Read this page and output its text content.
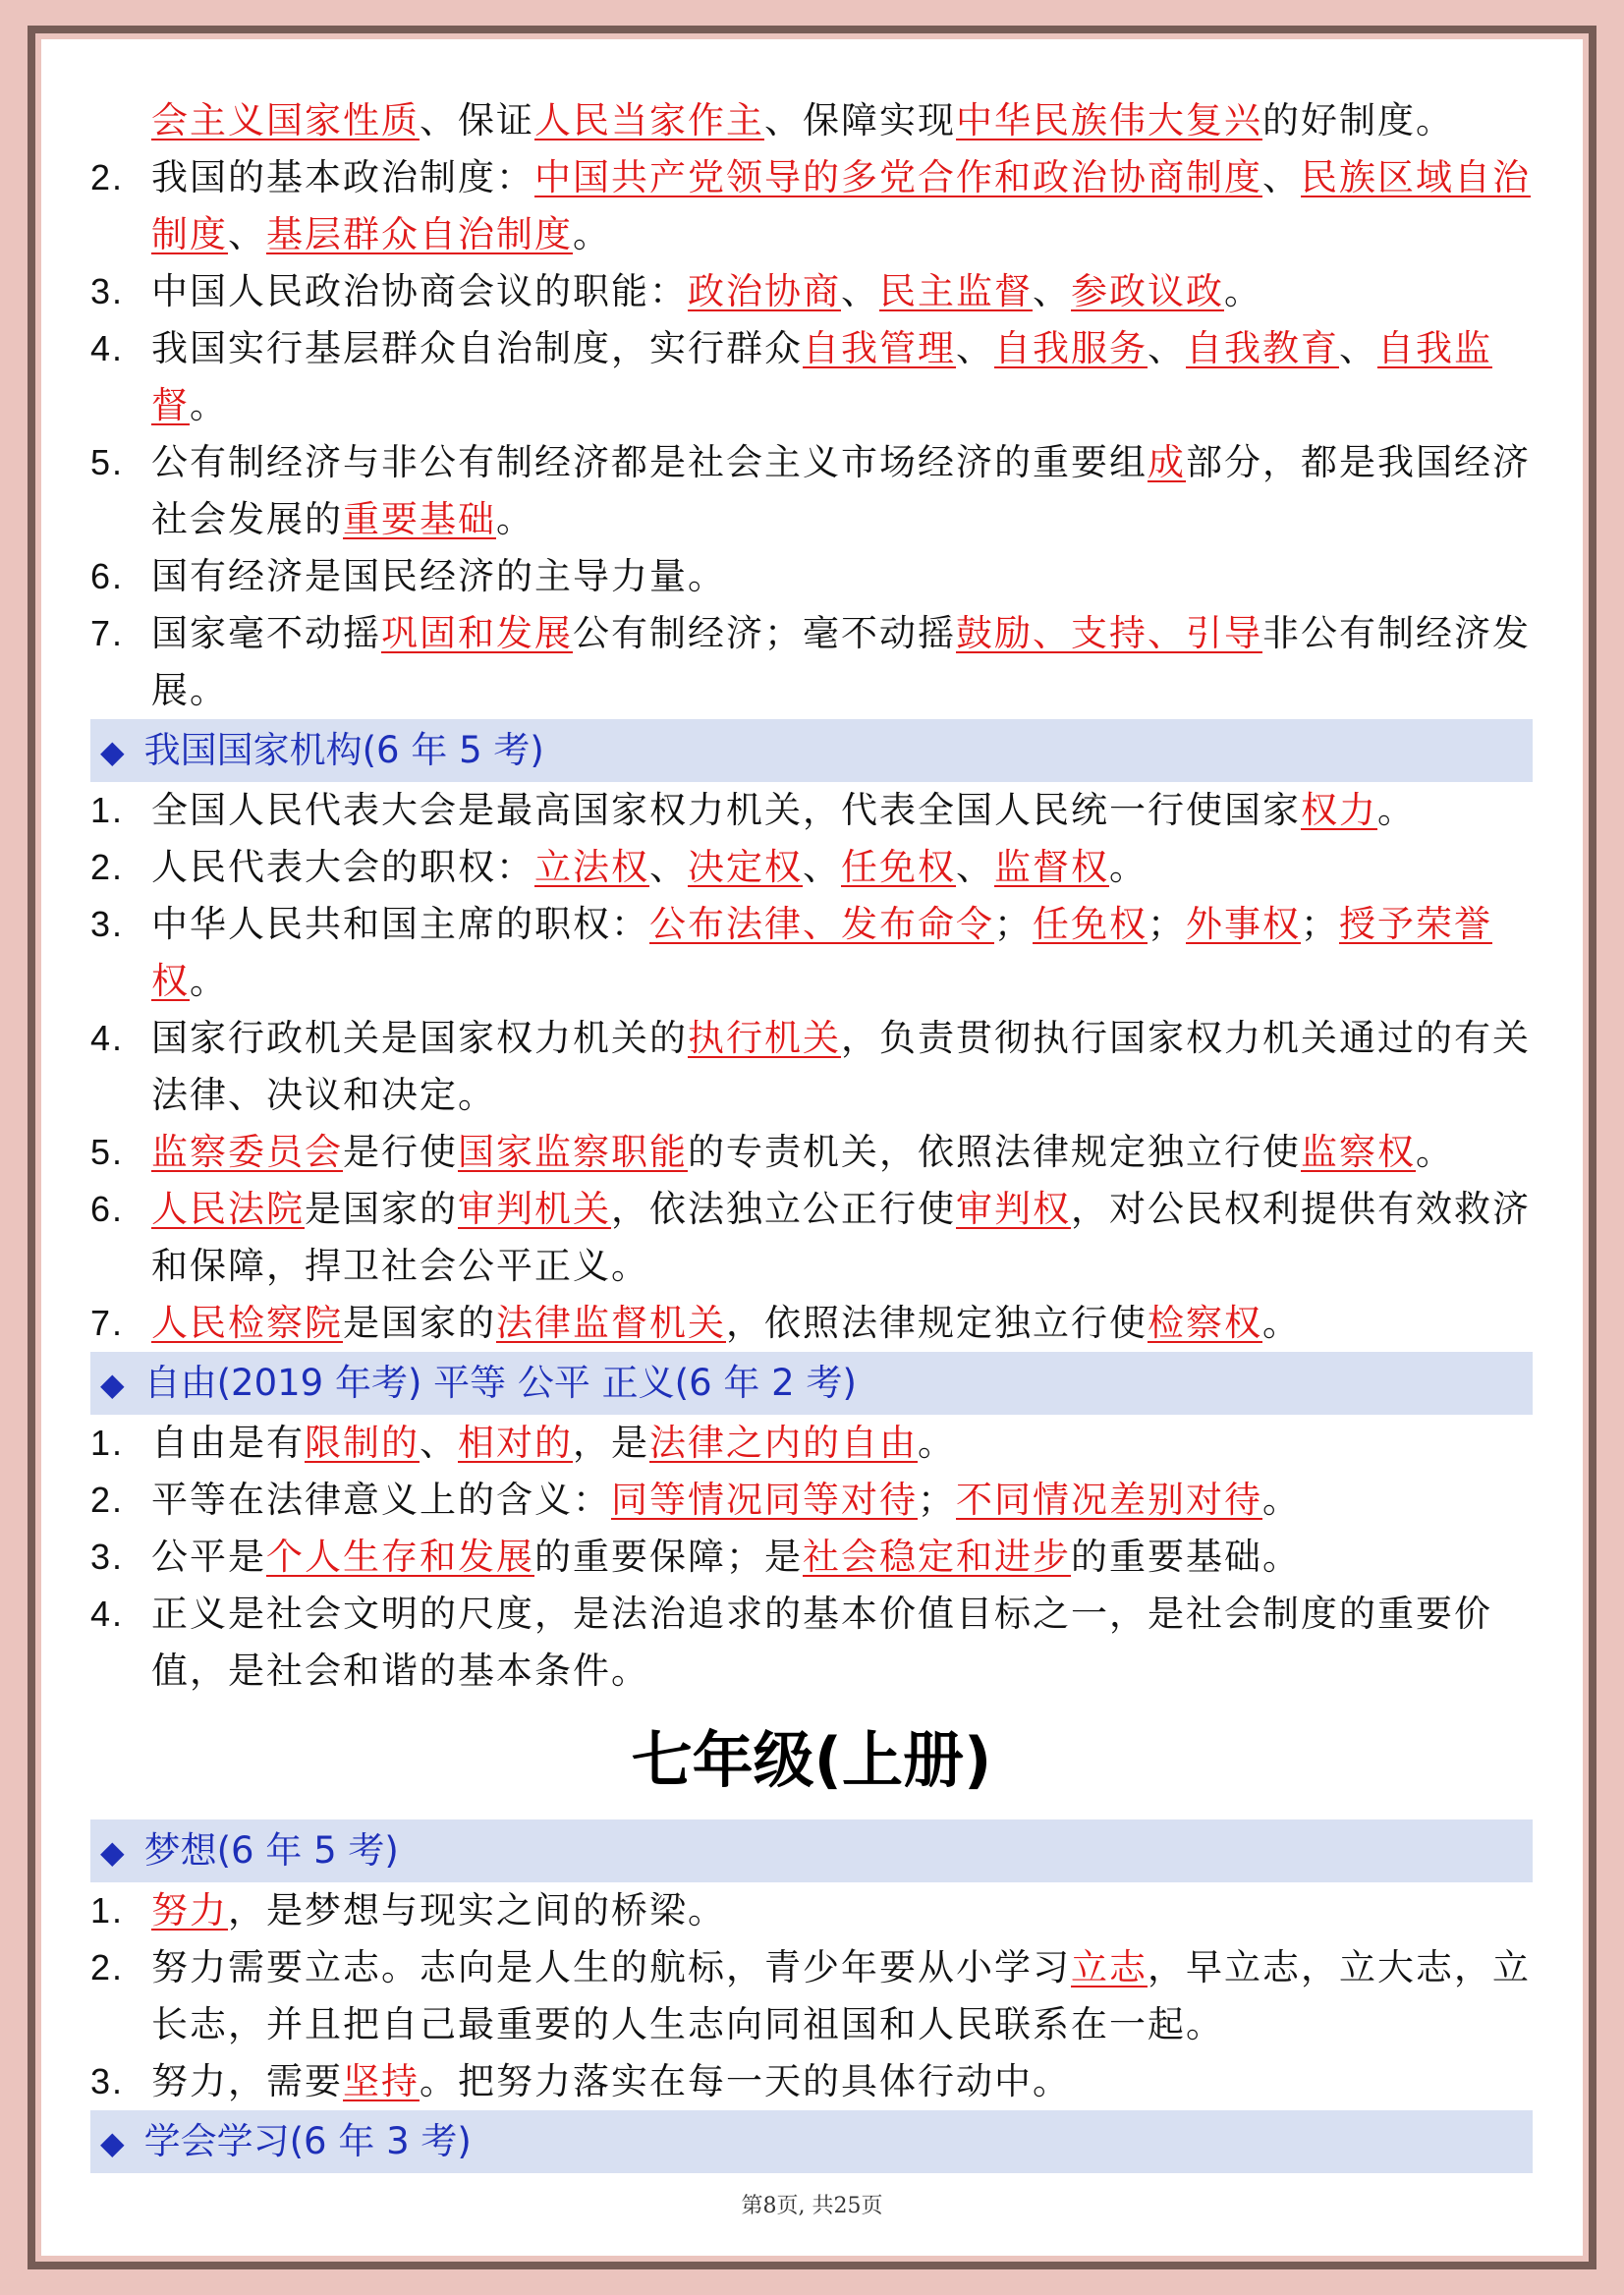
会主义国家性质、保证人民当家作主、保障实现中华民族伟大复兴的好制度。
2. 我国的基本政治制度：中国共产党领导的多党合作和政治协商制度、民族区域自治制度、基层群众自治制度。
3. 中国人民政治协商会议的职能：政治协商、民主监督、参政议政。
4. 我国实行基层群众自治制度，实行群众自我管理、自我服务、自我教育、自我监督。
5. 公有制经济与非公有制经济都是社会主义市场经济的重要组成部分，都是我国经济社会发展的重要基础。
6. 国有经济是国民经济的主导力量。
7. 国家毫不动摇巩固和发展公有制经济；毫不动摇鼓励、支持、引导非公有制经济发展。
◆ 我国国家机构(6 年 5 考)
1. 全国人民代表大会是最高国家权力机关，代表全国人民统一行使国家权力。
2. 人民代表大会的职权：立法权、决定权、任免权、监督权。
3. 中华人民共和国主席的职权：公布法律、发布命令；任免权；外事权；授予荣誉权。
4. 国家行政机关是国家权力机关的执行机关，负责贯彻执行国家权力机关通过的有关法律、决议和决定。
5. 监察委员会是行使国家监察职能的专责机关，依照法律规定独立行使监察权。
6. 人民法院是国家的审判机关，依法独立公正行使审判权，对公民权利提供有效救济和保障，捍卫社会公平正义。
7. 人民检察院是国家的法律监督机关，依照法律规定独立行使检察权。
◆ 自由(2019 年考) 平等 公平 正义(6 年 2 考)
1. 自由是有限制的、相对的，是法律之内的自由。
2. 平等在法律意义上的含义：同等情况同等对待；不同情况差别对待。
3. 公平是个人生存和发展的重要保障；是社会稳定和进步的重要基础。
4. 正义是社会文明的尺度，是法治追求的基本价值目标之一，是社会制度的重要价值，是社会和谐的基本条件。
七年级(上册)
◆ 梦想(6 年 5 考)
1. 努力，是梦想与现实之间的桥梁。
2. 努力需要立志。志向是人生的航标，青少年要从小学习立志，早立志，立大志，立长志，并且把自己最重要的人生志向同祖国和人民联系在一起。
3. 努力，需要坚持。把努力落实在每一天的具体行动中。
◆ 学会学习(6 年 3 考)
第8页, 共25页
